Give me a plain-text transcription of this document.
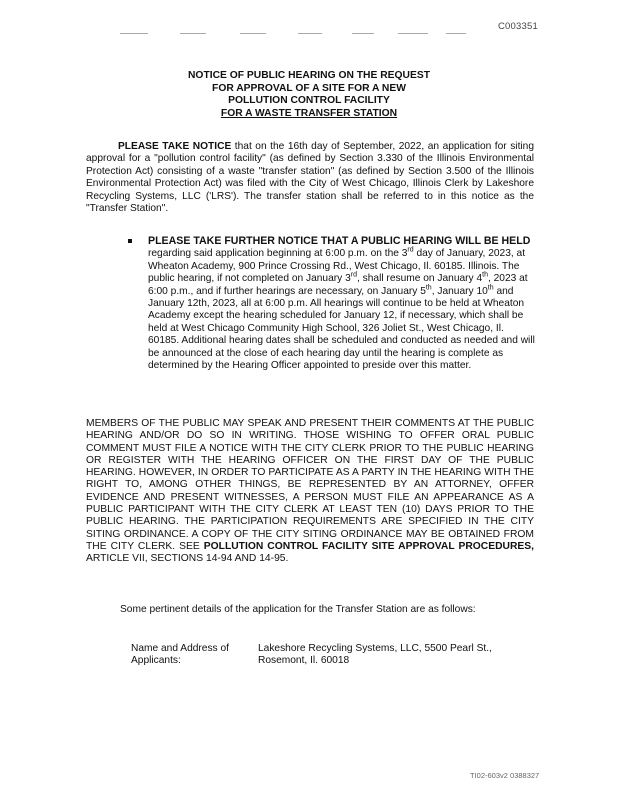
C003351
NOTICE OF PUBLIC HEARING ON THE REQUEST
FOR APPROVAL OF A SITE FOR A NEW
POLLUTION CONTROL FACILITY
FOR A WASTE TRANSFER STATION
PLEASE TAKE NOTICE that on the 16th day of September, 2022, an application for siting approval for a "pollution control facility" (as defined by Section 3.330 of the Illinois Environmental Protection Act) consisting of a waste "transfer station" (as defined by Section 3.500 of the Illinois Environmental Protection Act) was filed with the City of West Chicago, Illinois Clerk by Lakeshore Recycling Systems, LLC ('LRS'). The transfer station shall be referred to in this notice as the "Transfer Station".
PLEASE TAKE FURTHER NOTICE THAT A PUBLIC HEARING WILL BE HELD regarding said application beginning at 6:00 p.m. on the 3rd day of January, 2023, at Wheaton Academy, 900 Prince Crossing Rd., West Chicago, Il. 60185. Illinois. The public hearing, if not completed on January 3rd, shall resume on January 4th, 2023 at 6:00 p.m., and if further hearings are necessary, on January 5th, January 10th and January 12th, 2023, all at 6:00 p.m. All hearings will continue to be held at Wheaton Academy except the hearing scheduled for January 12, if necessary, which shall be held at West Chicago Community High School, 326 Joliet St., West Chicago, Il. 60185. Additional hearing dates shall be scheduled and conducted as needed and will be announced at the close of each hearing day until the hearing is complete as determined by the Hearing Officer appointed to preside over this matter.
MEMBERS OF THE PUBLIC MAY SPEAK AND PRESENT THEIR COMMENTS AT THE PUBLIC HEARING AND/OR DO SO IN WRITING. THOSE WISHING TO OFFER ORAL PUBLIC COMMENT MUST FILE A NOTICE WITH THE CITY CLERK PRIOR TO THE PUBLIC HEARING OR REGISTER WITH THE HEARING OFFICER ON THE FIRST DAY OF THE PUBLIC HEARING. HOWEVER, IN ORDER TO PARTICIPATE AS A PARTY IN THE HEARING WITH THE RIGHT TO, AMONG OTHER THINGS, BE REPRESENTED BY AN ATTORNEY, OFFER EVIDENCE AND PRESENT WITNESSES, A PERSON MUST FILE AN APPEARANCE AS A PUBLIC PARTICIPANT WITH THE CITY CLERK AT LEAST TEN (10) DAYS PRIOR TO THE PUBLIC HEARING. THE PARTICIPATION REQUIREMENTS ARE SPECIFIED IN THE CITY SITING ORDINANCE. A COPY OF THE CITY SITING ORDINANCE MAY BE OBTAINED FROM THE CITY CLERK. SEE POLLUTION CONTROL FACILITY SITE APPROVAL PROCEDURES, ARTICLE VII, SECTIONS 14-94 AND 14-95.
Some pertinent details of the application for the Transfer Station are as follows:
Name and Address of Applicants:
Lakeshore Recycling Systems, LLC, 5500 Pearl St., Rosemont, Il. 60018
TI02-603v2 0388327
